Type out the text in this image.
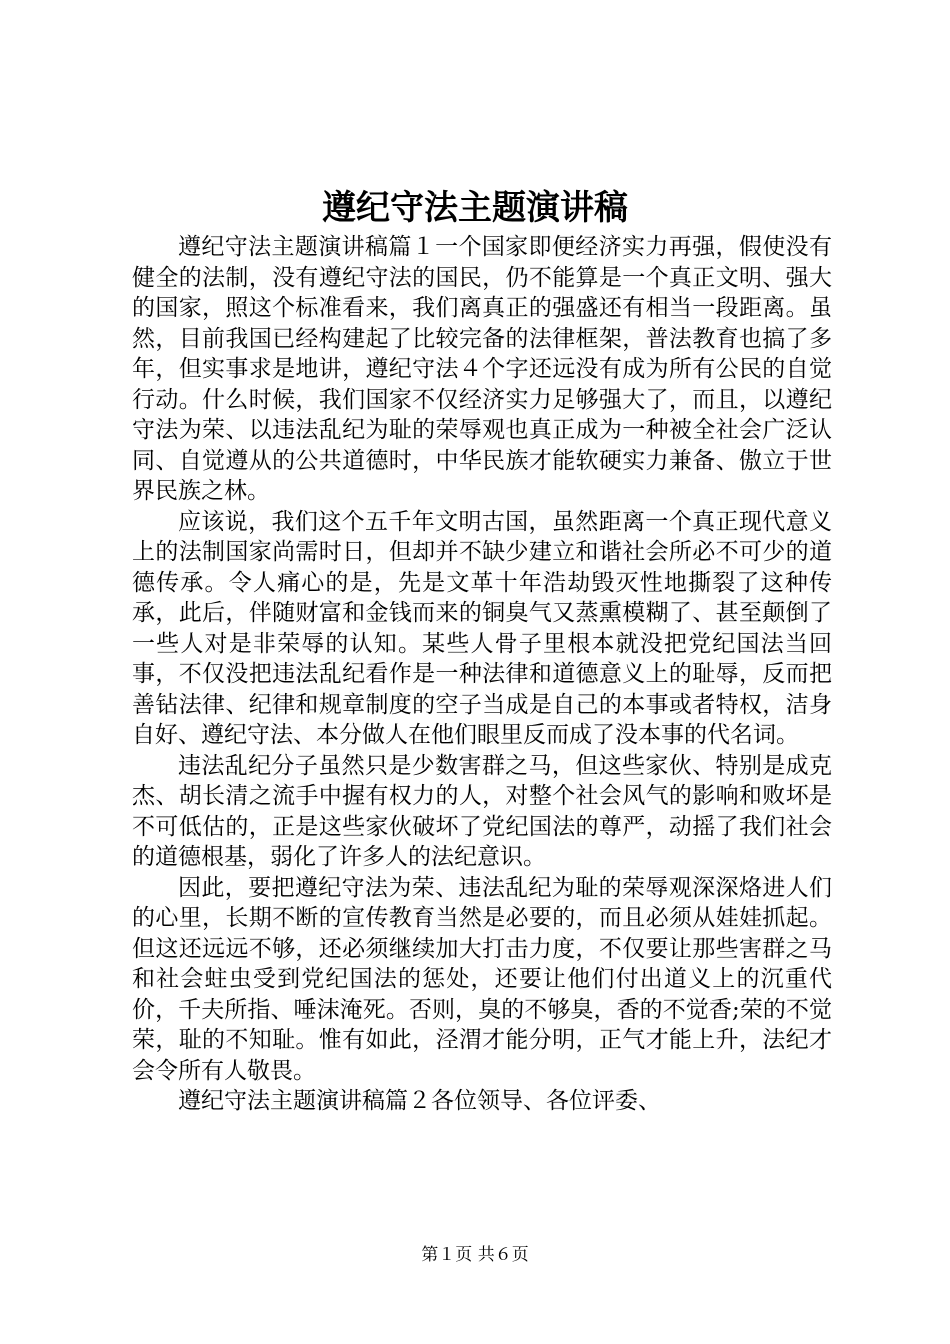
遵纪守法主题演讲稿

遵纪守法主题演讲稿篇１一个国家即便经济实力再强，假使没有健全的法制，没有遵纪守法的国民，仍不能算是一个真正文明、强大的国家，照这个标准看来，我们离真正的强盛还有相当一段距离。虽然，目前我国已经构建起了比较完备的法律框架，普法教育也搞了多年，但实事求是地讲，遵纪守法４个字还远没有成为所有公民的自觉行动。什么时候，我们国家不仅经济实力足够强大了，而且，以遵纪守法为荣、以违法乱纪为耻的荣辱观也真正成为一种被全社会广泛认同、自觉遵从的公共道德时，中华民族才能软硬实力兼备、傲立于世界民族之林。

应该说，我们这个五千年文明古国，虽然距离一个真正现代意义上的法制国家尚需时日，但却并不缺少建立和谐社会所必不可少的道德传承。令人痛心的是，先是文革十年浩劫毁灭性地撕裂了这种传承，此后，伴随财富和金钱而来的铜臭气又蒸熏模糊了、甚至颠倒了一些人对是非荣辱的认知。某些人骨子里根本就没把党纪国法当回事，不仅没把违法乱纪看作是一种法律和道德意义上的耻辱，反而把善钻法律、纪律和规章制度的空子当成是自己的本事或者特权，洁身自好、遵纪守法、本分做人在他们眼里反而成了没本事的代名词。

违法乱纪分子虽然只是少数害群之马，但这些家伙、特别是成克杰、胡长清之流手中握有权力的人，对整个社会风气的影响和败坏是不可低估的，正是这些家伙破坏了党纪国法的尊严，动摇了我们社会的道德根基，弱化了许多人的法纪意识。

因此，要把遵纪守法为荣、违法乱纪为耻的荣辱观深深烙进人们的心里，长期不断的宣传教育当然是必要的，而且必须从娃娃抓起。但这还远远不够，还必须继续加大打击力度，不仅要让那些害群之马和社会蛀虫受到党纪国法的惩处，还要让他们付出道义上的沉重代价，千夫所指、唾沫淹死。否则，臭的不够臭，香的不觉香;荣的不觉荣，耻的不知耻。惟有如此，泾渭才能分明，正气才能上升，法纪才会令所有人敬畏。

遵纪守法主题演讲稿篇２各位领导、各位评委、

第１页 共６页
